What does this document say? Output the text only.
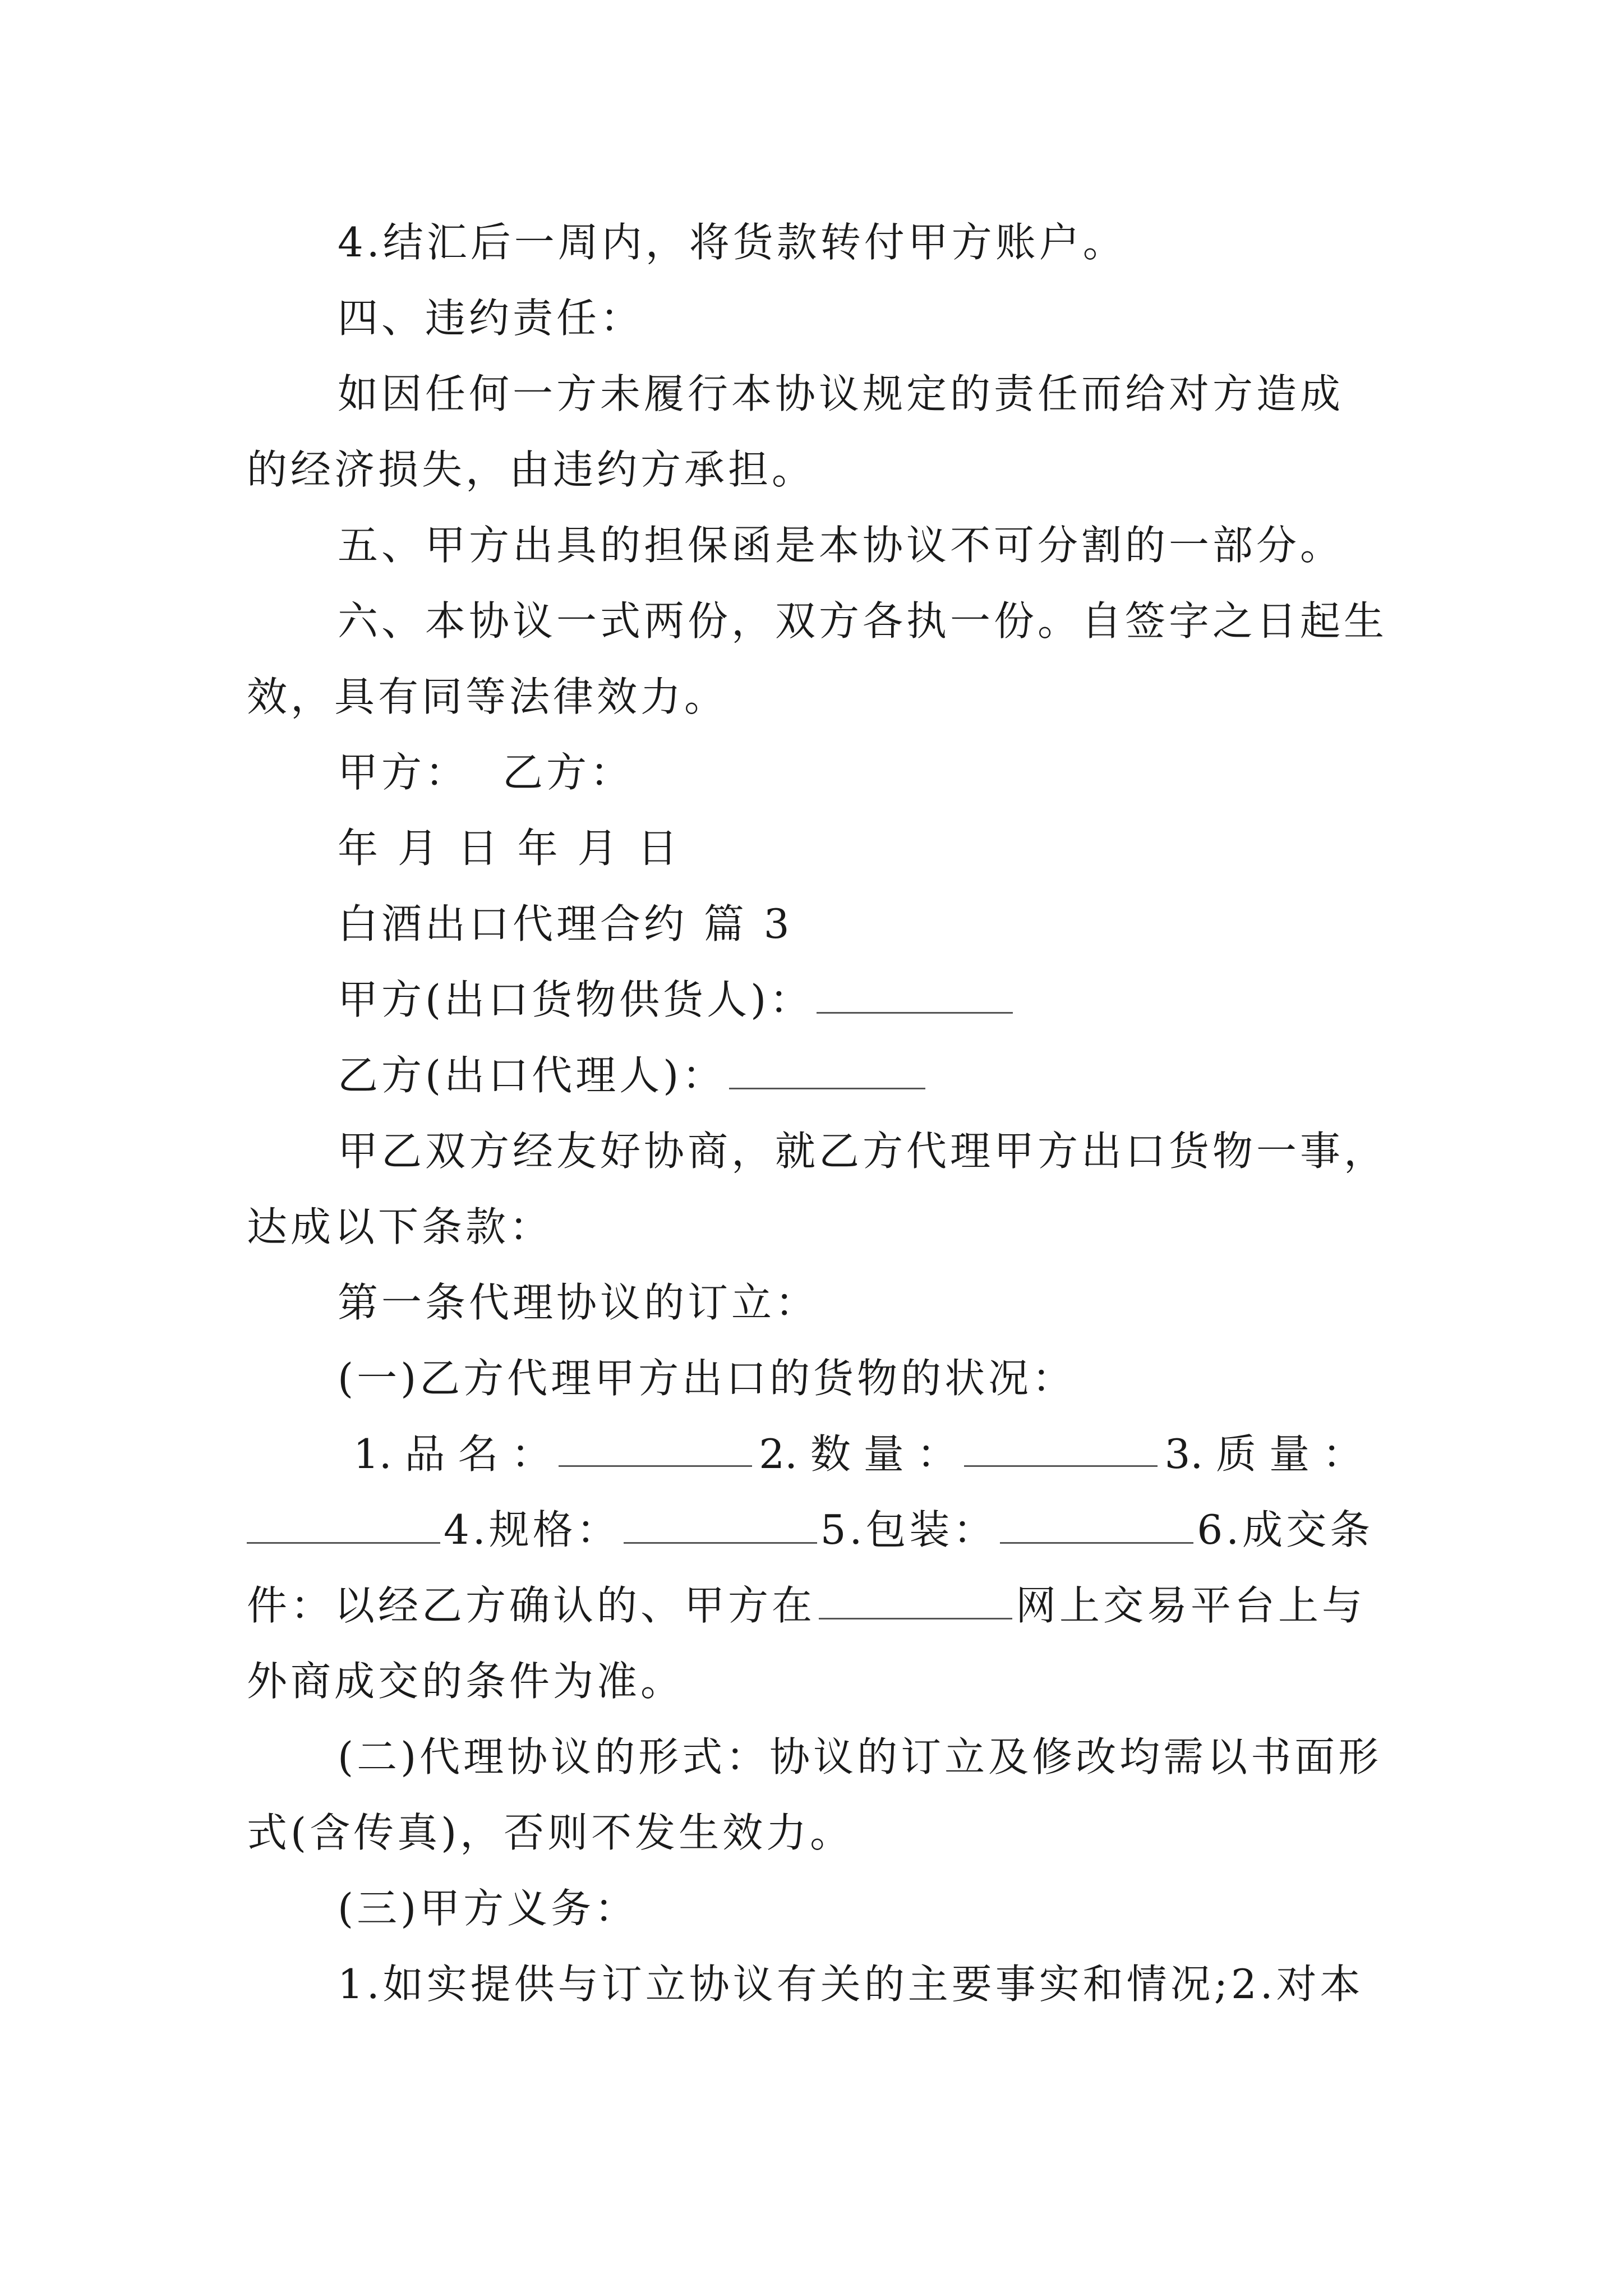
4.结汇后一周内，将货款转付甲方账户。
四、违约责任：
如因任何一方未履行本协议规定的责任而给对方造成
的经济损失，由违约方承担。
五、甲方出具的担保函是本协议不可分割的一部分。
六、本协议一式两份，双方各执一份。自签字之日起生
效，具有同等法律效力。
甲方： 乙方：
年 月 日 年 月 日
白酒出口代理合约 篇 3
甲方(出口货物供货人)：
乙方(出口代理人)：
甲乙双方经友好协商，就乙方代理甲方出口货物一事，
达成以下条款：
第一条代理协议的订立：
(一)乙方代理甲方出口的货物的状况：
1. 品 名 ：	2. 数 量 ：	3. 质 量 ：
4.规格：	5.包装：	6.成交条
件：以经乙方确认的、甲方在	网上交易平台上与
外商成交的条件为准。
(二)代理协议的形式：协议的订立及修改均需以书面形
式(含传真)，否则不发生效力。
(三)甲方义务：
1.如实提供与订立协议有关的主要事实和情况;2.对本
